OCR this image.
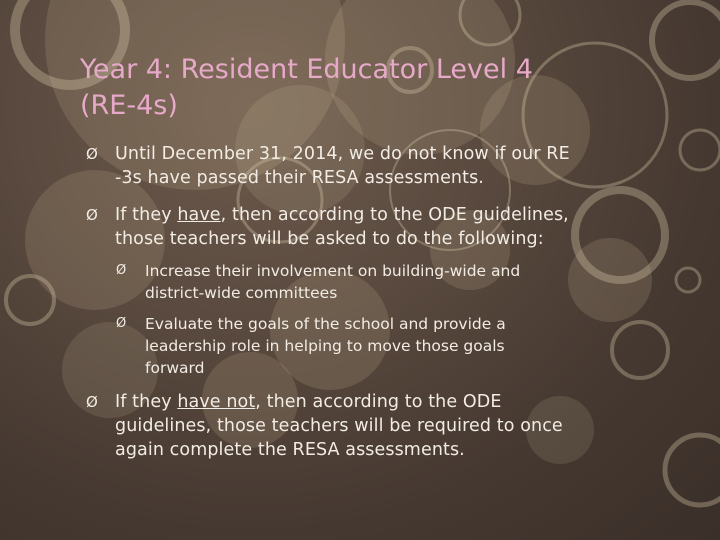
Year 4: Resident Educator Level 4
(RE-4s)
Ø Until December 31, 2014, we do not know if our RE
-3s have passed their RESA assessments.
Ø If they have, then according to the ODE guidelines,
those teachers will be asked to do the following:
Ø Increase their involvement on building-wide and
district-wide committees
Ø Evaluate the goals of the school and provide a
leadership role in helping to move those goals
forward
Ø If they have not, then according to the ODE
guidelines, those teachers will be required to once
again complete the RESA assessments.
